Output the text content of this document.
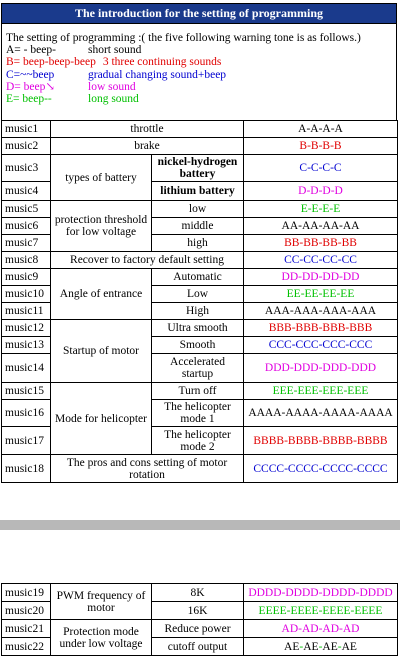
The introduction for the setting of programming
The setting of programming :( the five following warning tone is as follows.)
A= - beep-	short sound
B= beep-beep-beep 3 three continuing sounds
C=~~beep	gradual changing sound+beep
D= beep↘	low sound
E= beep--	long sound
music1	throttle		A-A-A-A
music2	brake		B-B-B-B
music3	types of battery	nickel-hydrogen battery	C-C-C-C
music4		lithium battery	D-D-D-D
music5	protection threshold for low voltage	low	E-E-E-E
music6		middle	AA-AA-AA-AA
music7		high	BB-BB-BB-BB
music8	Recover to factory default setting		CC-CC-CC-CC
music9	Angle of entrance	Automatic	DD-DD-DD-DD
music10		Low	EE-EE-EE-EE
music11		High	AAA-AAA-AAA-AAA
music12	Startup of motor	Ultra smooth	BBB-BBB-BBB-BBB
music13		Smooth	CCC-CCC-CCC-CCC
music14		Accelerated startup	DDD-DDD-DDD-DDD
music15	Mode for helicopter	Turn off	EEE-EEE-EEE-EEE
music16		The helicopter mode 1	AAAA-AAAA-AAAA-AAAA
music17		The helicopter mode 2	BBBB-BBBB-BBBB-BBBB
music18	The pros and cons setting of motor rotation		CCCC-CCCC-CCCC-CCCC
music19	PWM frequency of motor	8K	DDDD-DDDD-DDDD-DDDD
music20		16K	EEEE-EEEE-EEEE-EEEE
music21	Protection mode under low voltage	Reduce power	AD-AD-AD-AD
music22		cutoff output	AE-AE-AE-AE
